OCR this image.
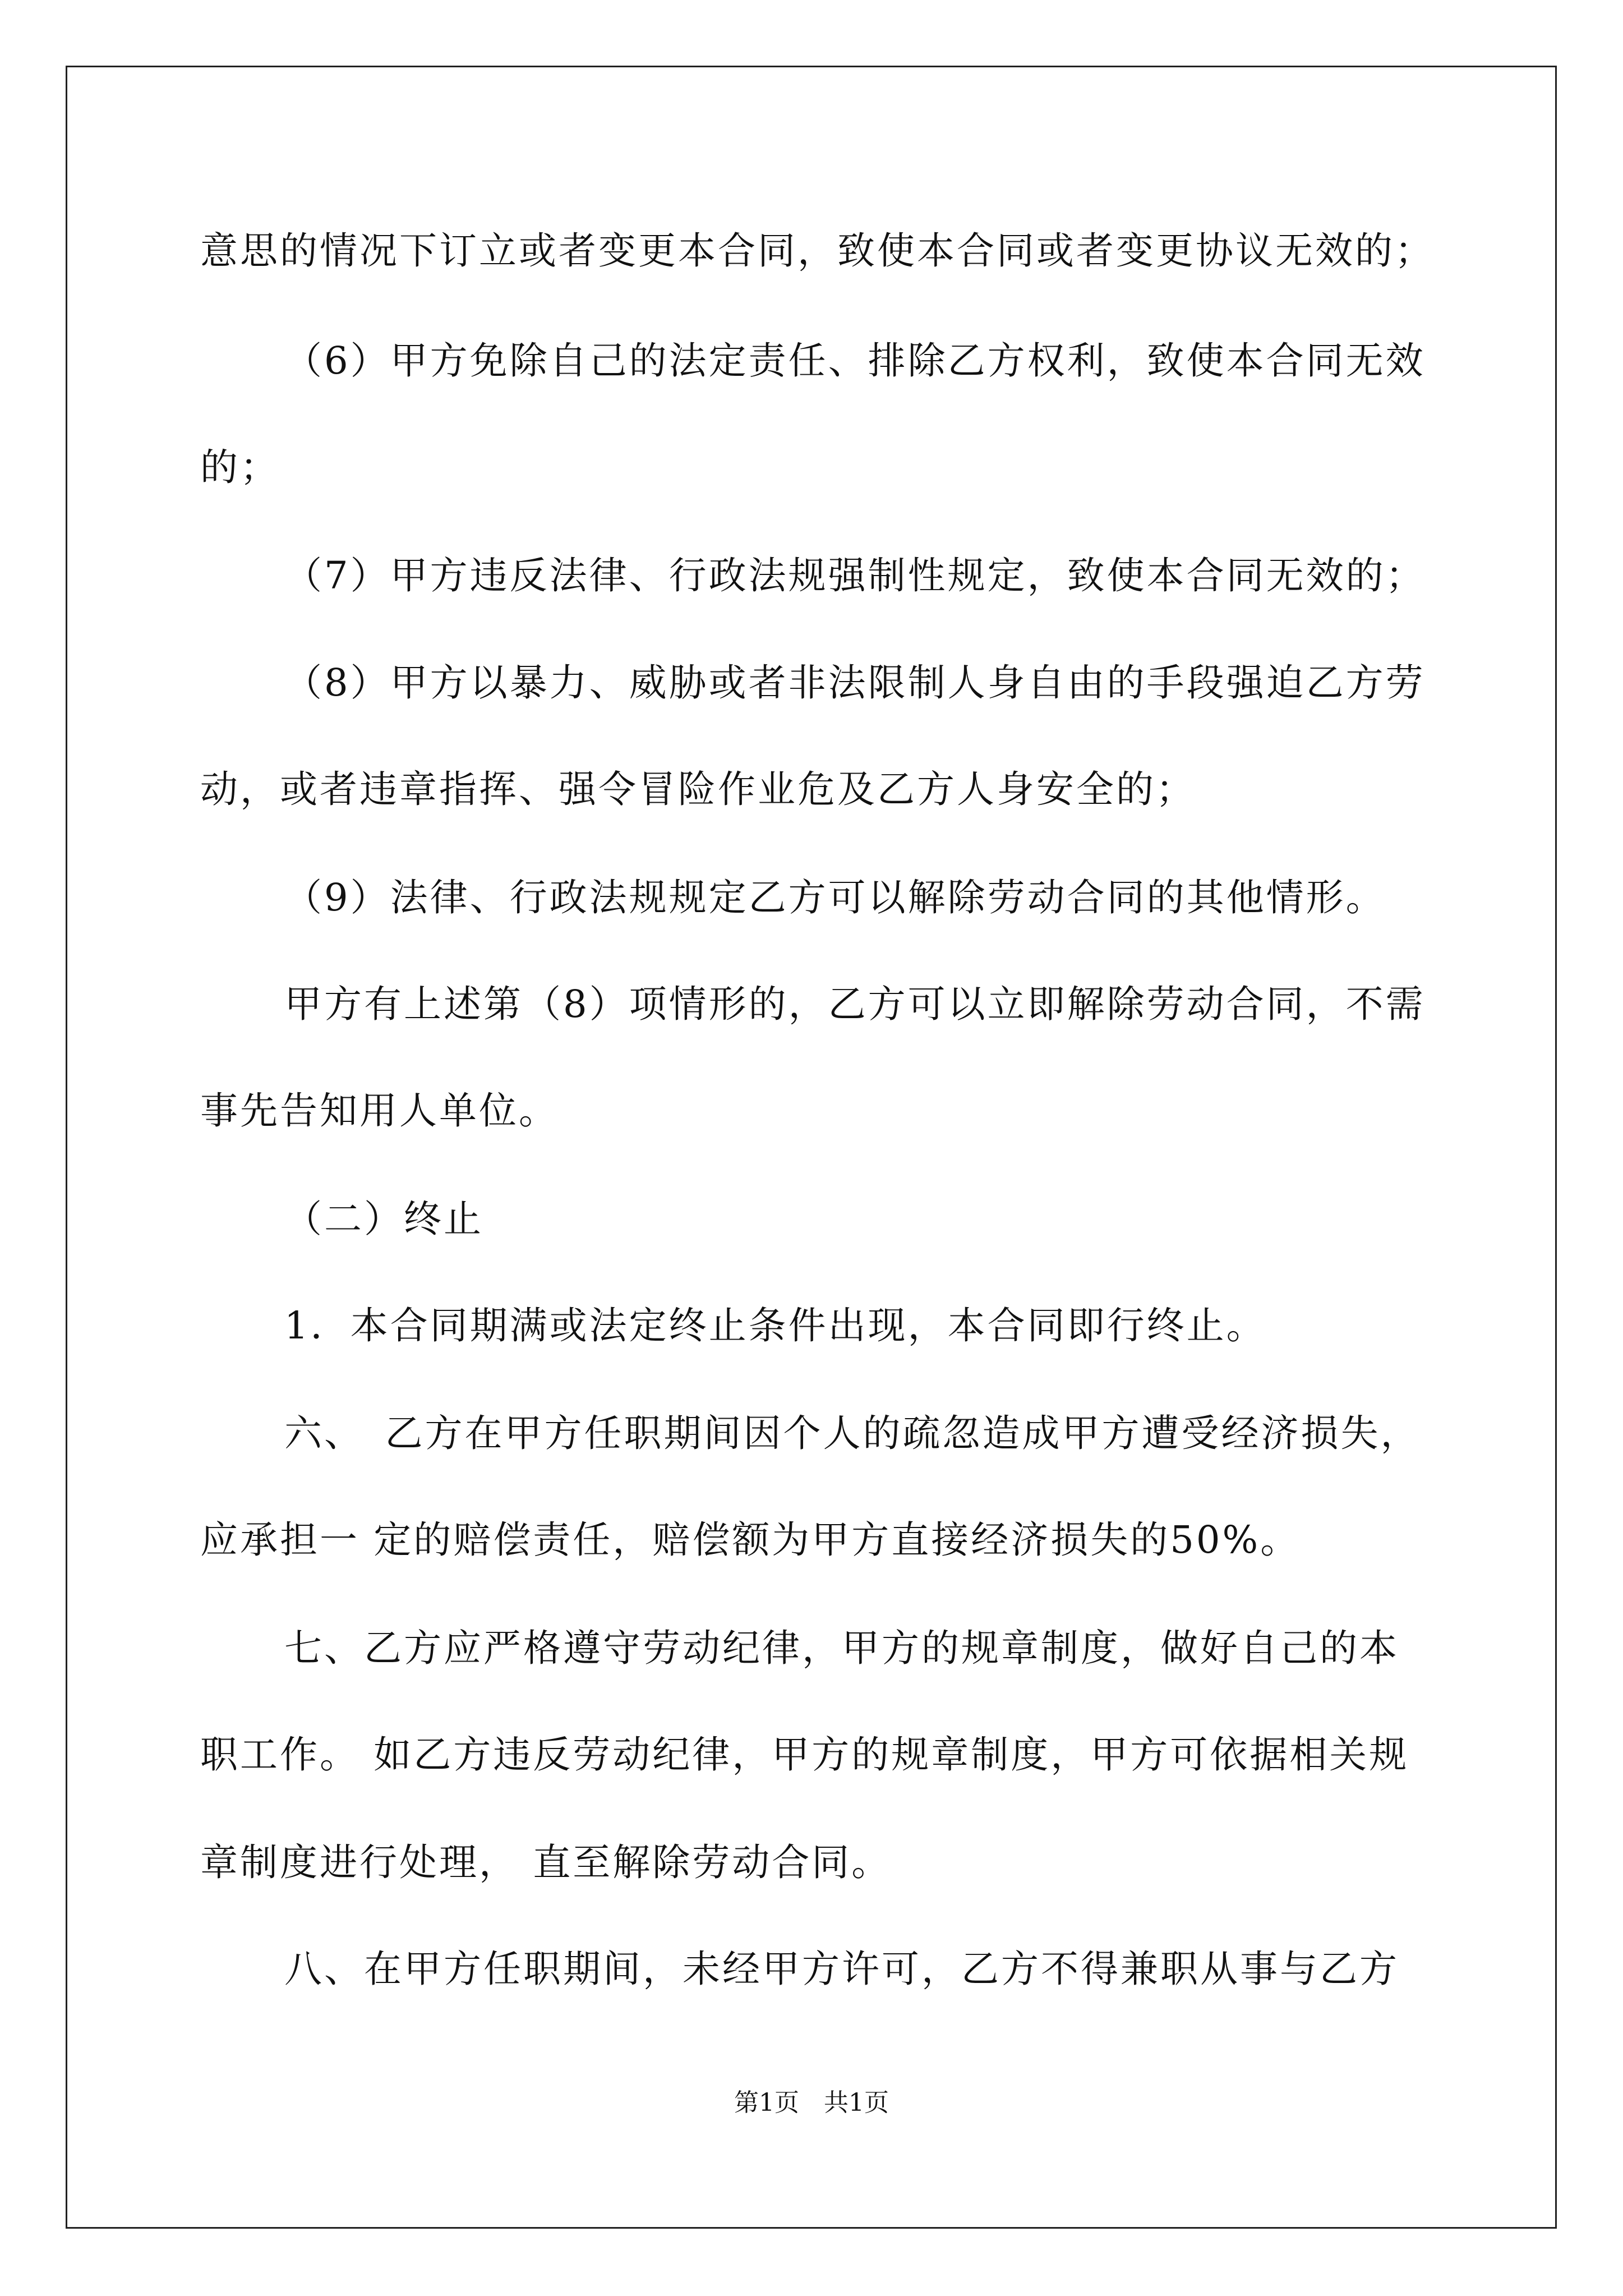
意思的情况下订立或者变更本合同，致使本合同或者变更协议无效的；
（6）甲方免除自己的法定责任、排除乙方权利，致使本合同无效
的；
（7）甲方违反法律、行政法规强制性规定，致使本合同无效的；
（8）甲方以暴力、威胁或者非法限制人身自由的手段强迫乙方劳
动，或者违章指挥、强令冒险作业危及乙方人身安全的；
（9）法律、行政法规规定乙方可以解除劳动合同的其他情形。
甲方有上述第（8）项情形的，乙方可以立即解除劳动合同，不需
事先告知用人单位。
（二）终止
1．本合同期满或法定终止条件出现，本合同即行终止。
六、　乙方在甲方任职期间因个人的疏忽造成甲方遭受经济损失，
应承担一 定的赔偿责任，赔偿额为甲方直接经济损失的50%。
七、乙方应严格遵守劳动纪律，甲方的规章制度，做好自己的本
职工作。 如乙方违反劳动纪律，甲方的规章制度，甲方可依据相关规
章制度进行处理， 直至解除劳动合同。
八、在甲方任职期间，未经甲方许可，乙方不得兼职从事与乙方
第1页　共1页
